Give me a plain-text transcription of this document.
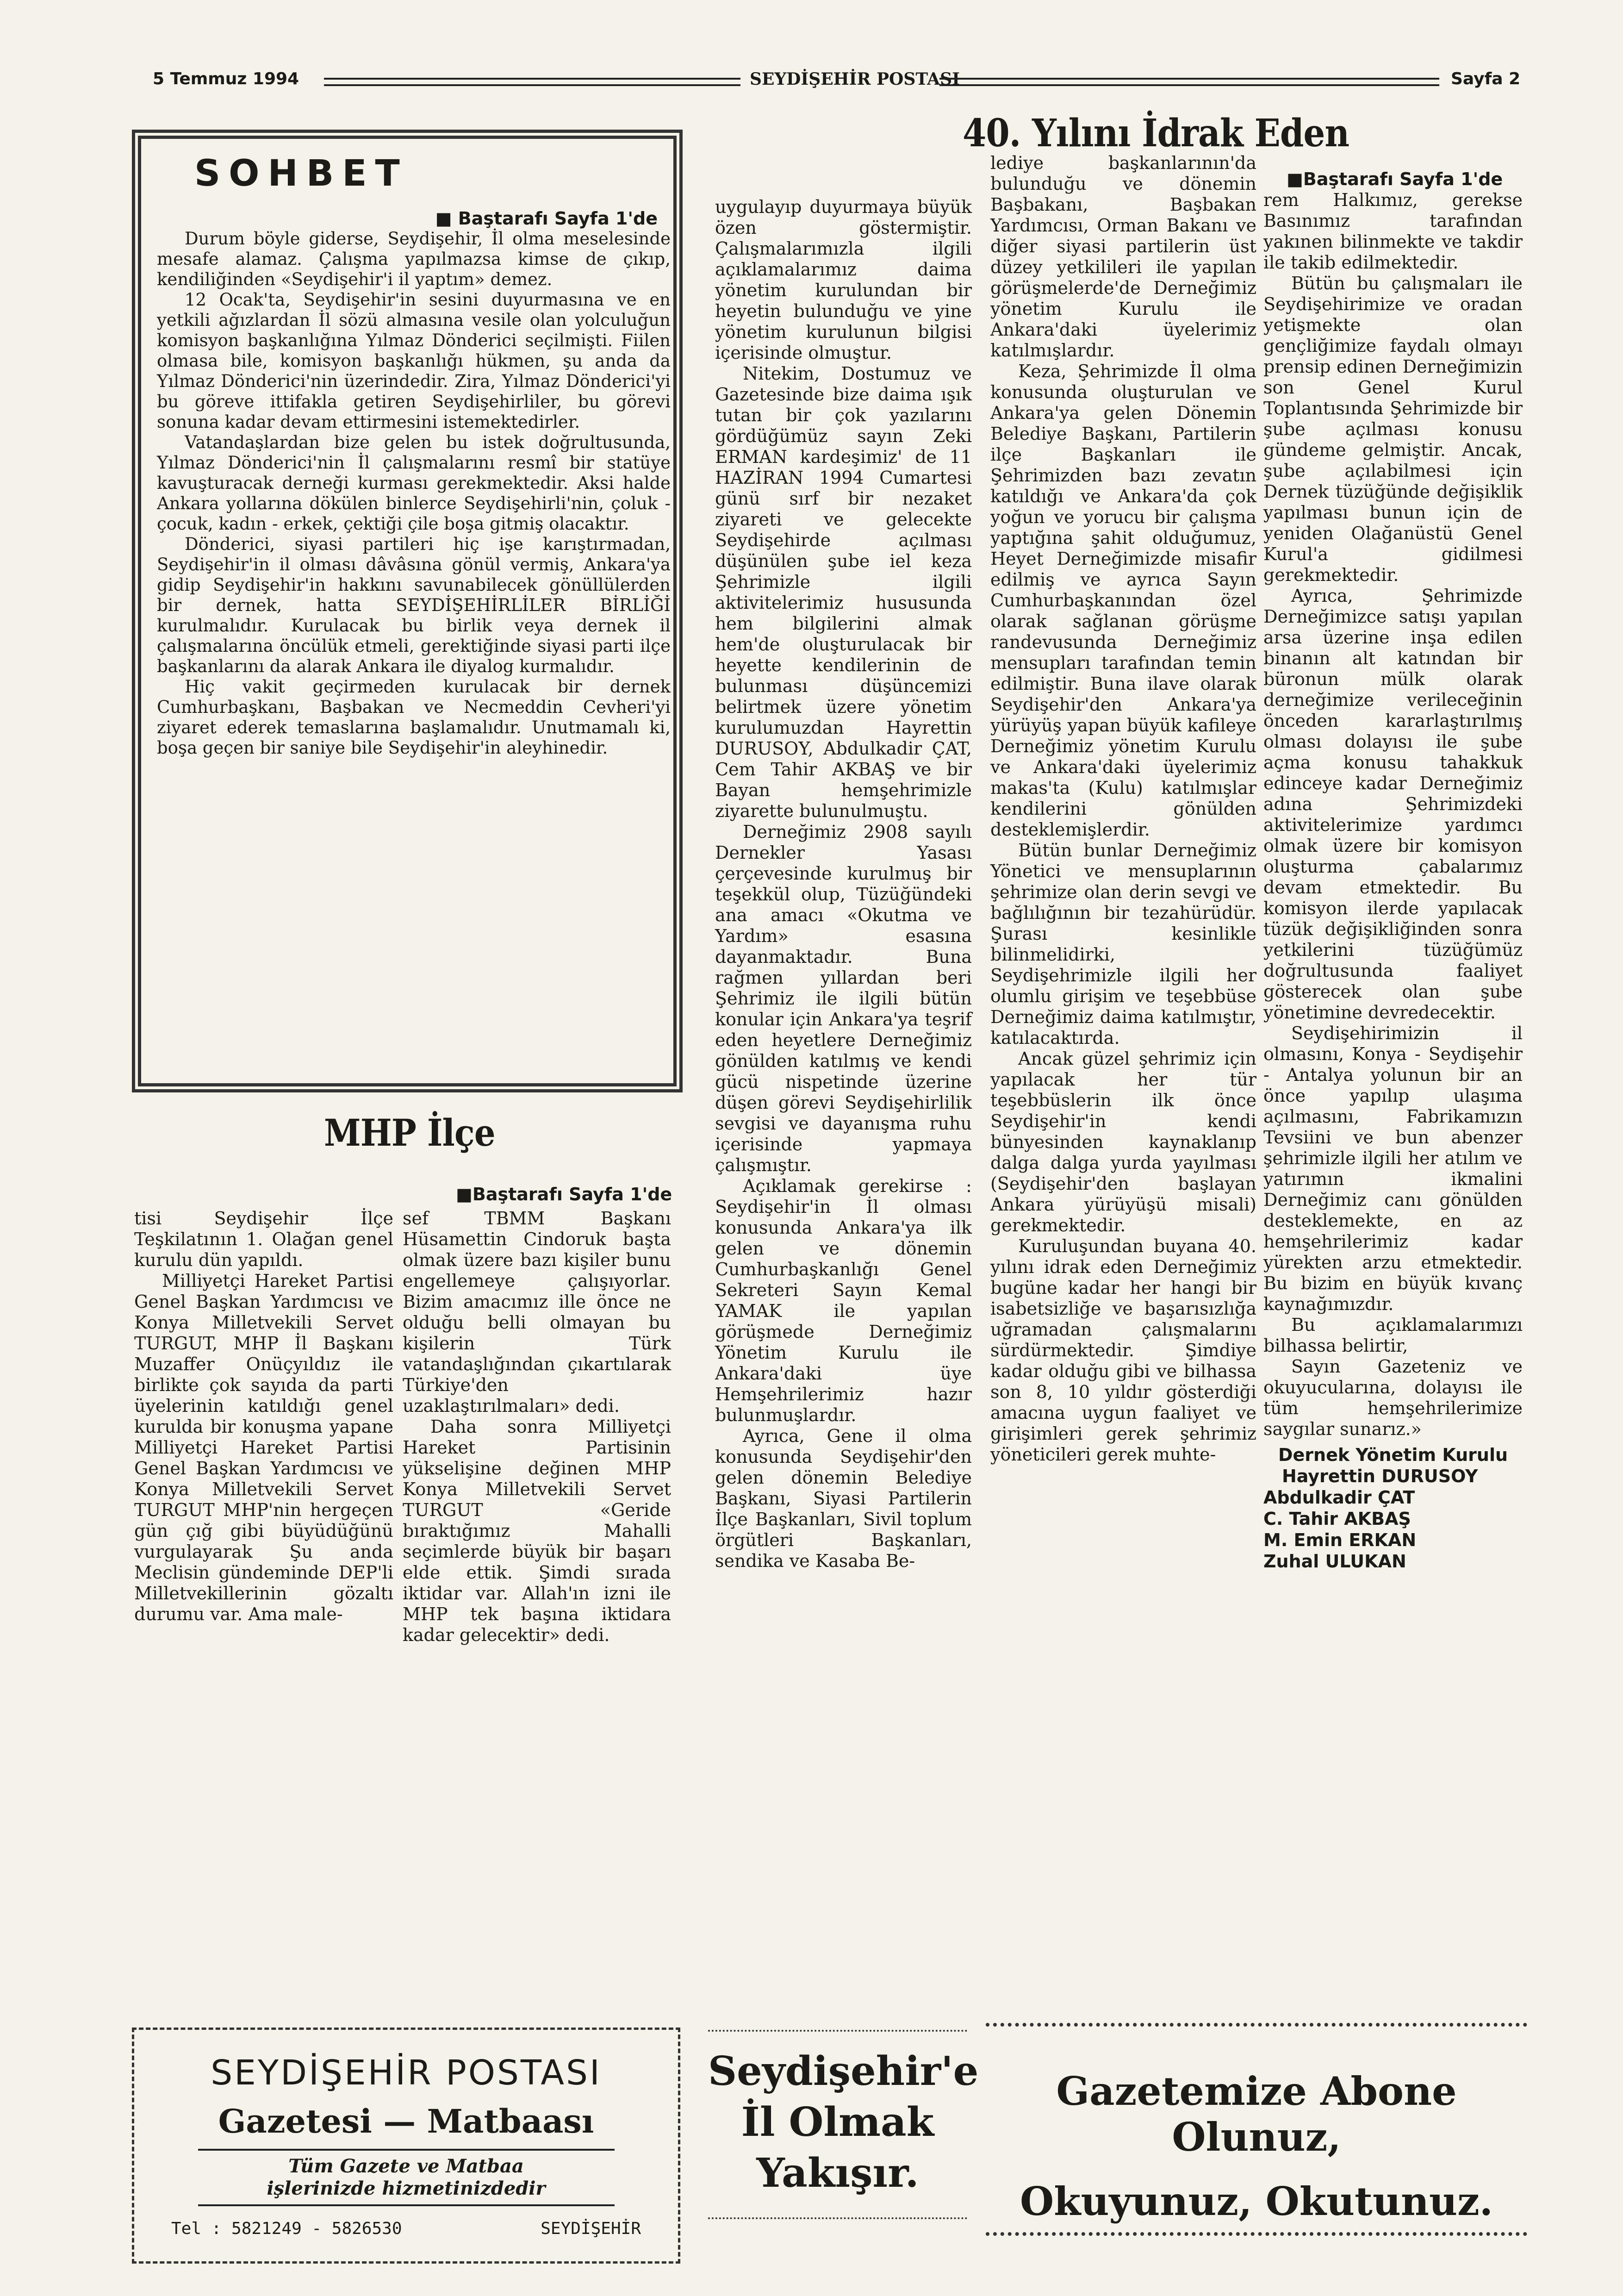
5 Temmuz 1994	SEYDİŞEHİR POSTASI	Sayfa 2
■ Baştarafı Sayfa 1'de

Durum böyle giderse, Seydişehir, İl olma meselesinde mesafe alamaz. Çalışma yapılmazsa kimse de çıkıp, kendiliğinden «Seydişehir'i il yaptım» demez.

12 Ocak'ta, Seydişehir'in sesini duyurmasına ve en yetkili ağızlardan İl sözü almasına vesile olan yolculuğun komisyon başkanlığına Yılmaz Dönderici seçilmişti. Fiilen olmasa bile, komisyon başkanlığı hükmen, şu anda da Yılmaz Dönderici'nin üzerindedir. Zira, Yılmaz Dönderici'yi bu göreve ittifakla getiren Seydişehirliler, bu görevi sonuna kadar devam ettirmesini istemektedirler.

Vatandaşlardan bize gelen bu istek doğrultusunda, Yılmaz Dönderici'nin İl çalışmalarını resmî bir statüye kavuşturacak derneği kurması gerekmektedir. Aksi halde Ankara yollarına dökülen binlerce Seydişehirli'nin, çoluk - çocuk, kadın - erkek, çektiği çile boşa gitmiş olacaktır.

Dönderici, siyasi partileri hiç işe karıştırmadan, Seydişehir'in il olması dâvâsına gönül vermiş, Ankara'ya gidip Seydişehir'in hakkını savunabilecek gönüllülerden bir dernek, hatta SEYDİŞEHİRLİLER BİRLİĞİ kurulmalıdır. Kurulacak bu birlik veya dernek il çalışmalarına öncülük etmeli, gerektiğinde siyasi parti ilçe başkanlarını da alarak Ankara ile diyalog kurmalıdır.

Hiç vakit geçirmeden kurulacak bir dernek Cumhurbaşkanı, Başbakan ve Necmeddin Cevheri'yi ziyaret ederek temaslarına başlamalıdır. Unutmamalı ki, boşa geçen bir saniye bile Seydişehir'in aleyhinedir.

SOHBET
MHP İlçe

tisi Seydişehir İlçe Teşkilatının 1. Olağan genel kurulu dün yapıldı.

Milliyetçi Hareket Partisi Genel Başkan Yardımcısı ve Konya Milletvekili Servet TURGUT, MHP İl Başkanı Muzaffer Onüçyıldız ile birlikte çok sayıda da parti üyelerinin katıldığı genel kurulda bir konuşma yapane Milliyetçi Hareket Partisi Genel Başkan Yardımcısı ve Konya Milletvekili Servet TURGUT MHP'nin hergeçen gün çığ gibi büyüdüğünü vurgulayarak Şu anda Meclisin gündeminde DEP'li Milletvekillerinin gözaltı durumu var. Ama male-

■Baştarafı Sayfa 1'de

sef TBMM Başkanı Hüsamettin Cindoruk başta olmak üzere bazı kişiler bunu engellemeye çalışıyorlar. Bizim amacımız ille önce ne olduğu belli olmayan bu kişilerin Türk vatandaşlığından çıkartılarak Türkiye'den uzaklaştırılmaları» dedi.

Daha sonra Milliyetçi Hareket Partisinin yükselişine değinen MHP Konya Milletvekili Servet TURGUT «Geride bıraktığımız Mahalli seçimlerde büyük bir başarı elde ettik. Şimdi sırada iktidar var. Allah'ın izni ile MHP tek başına iktidara kadar gelecektir» dedi.

40. Yılını İdrak Eden

uygulayıp duyurmaya büyük özen göstermiştir. Çalışmalarımızla ilgili açıklamalarımız daima yönetim kurulundan bir heyetin bulunduğu ve yine yönetim kurulunun bilgisi içerisinde olmuştur.

Nitekim, Dostumuz ve Gazetesinde bize daima ışık tutan bir çok yazılarını gördüğümüz sayın Zeki ERMAN kardeşimiz' de 11 HAZİRAN 1994 Cumartesi günü sırf bir nezaket ziyareti ve gelecekte Seydişehirde açılması düşünülen şube iel keza Şehrimizle ilgili aktivitelerimiz hususunda hem bilgilerini almak hem'de oluşturulacak bir heyette kendilerinin de bulunması düşüncemizi belirtmek üzere yönetim kurulumuzdan Hayrettin DURUSOY, Abdulkadir ÇAT, Cem Tahir AKBAŞ ve bir Bayan hemşehrimizle ziyarette bulunulmuştu.

Derneğimiz 2908 sayılı Dernekler Yasası çerçevesinde kurulmuş bir teşekkül olup, Tüzüğündeki ana amacı «Okutma ve Yardım» esasına dayanmaktadır. Buna rağmen yıllardan beri Şehrimiz ile ilgili bütün konular için Ankara'ya teşrif eden heyetlere Derneğimiz gönülden katılmış ve kendi gücü nispetinde üzerine düşen görevi Seydişehirlilik sevgisi ve dayanışma ruhu içerisinde yapmaya çalışmıştır.

Açıklamak gerekirse : Seydişehir'in İl olması konusunda Ankara'ya ilk gelen ve dönemin Cumhurbaşkanlığı Genel Sekreteri Sayın Kemal YAMAK ile yapılan görüşmede Derneğimiz Yönetim Kurulu ile Ankara'daki üye Hemşehrilerimiz hazır bulunmuşlardır.

Ayrıca, Gene il olma konusunda Seydişehir'den gelen dönemin Belediye Başkanı, Siyasi Partilerin İlçe Başkanları, Sivil toplum örgütleri Başkanları, sendika ve Kasaba Be-

lediye başkanlarının'da bulunduğu ve dönemin Başbakanı, Başbakan Yardımcısı, Orman Bakanı ve diğer siyasi partilerin üst düzey yetkilileri ile yapılan görüşmelerde'de Derneğimiz yönetim Kurulu ile Ankara'daki üyelerimiz katılmışlardır.

Keza, Şehrimizde İl olma konusunda oluşturulan ve Ankara'ya gelen Dönemin Belediye Başkanı, Partilerin ilçe Başkanları ile Şehrimizden bazı zevatın katıldığı ve Ankara'da çok yoğun ve yorucu bir çalışma yaptığına şahit olduğumuz, Heyet Derneğimizde misafir edilmiş ve ayrıca Sayın Cumhurbaşkanından özel olarak sağlanan görüşme randevusunda Derneğimiz mensupları tarafından temin edilmiştir. Buna ilave olarak Seydişehir'den Ankara'ya yürüyüş yapan büyük kafileye Derneğimiz yönetim Kurulu ve Ankara'daki üyelerimiz makas'ta (Kulu) katılmışlar kendilerini gönülden desteklemişlerdir.

Bütün bunlar Derneğimiz Yönetici ve mensuplarının şehrimize olan derin sevgi ve bağlılığının bir tezahürüdür. Şurası kesinlikle bilinmelidirki, Seydişehrimizle ilgili her olumlu girişim ve teşebbüse Derneğimiz daima katılmıştır, katılacaktırda.

Ancak güzel şehrimiz için yapılacak her tür teşebbüslerin ilk önce Seydişehir'in kendi bünyesinden kaynaklanıp dalga dalga yurda yayılması (Seydişehir'den başlayan Ankara yürüyüşü misali) gerekmektedir.

Kuruluşundan buyana 40. yılını idrak eden Derneğimiz bugüne kadar her hangi bir isabetsizliğe ve başarısızlığa uğramadan çalışmalarını sürdürmektedir. Şimdiye kadar olduğu gibi ve bilhassa son 8, 10 yıldır gösterdiği amacına uygun faaliyet ve girişimleri gerek şehrimiz yöneticileri gerek muhte-

■Baştarafı Sayfa 1'de

rem Halkımız, gerekse Basınımız tarafından yakınen bilinmekte ve takdir ile takib edilmektedir.

Bütün bu çalışmaları ile Seydişehirimize ve oradan yetişmekte olan gençliğimize faydalı olmayı prensip edinen Derneğimizin son Genel Kurul Toplantısında Şehrimizde bir şube açılması konusu gündeme gelmiştir. Ancak, şube açılabilmesi için Dernek tüzüğünde değişiklik yapılması bunun için de yeniden Olağanüstü Genel Kurul'a gidilmesi gerekmektedir.

Ayrıca, Şehrimizde Derneğimizce satışı yapılan arsa üzerine inşa edilen binanın alt katından bir büronun mülk olarak derneğimize verileceğinin önceden kararlaştırılmış olması dolayısı ile şube açma konusu tahakkuk edinceye kadar Derneğimiz adına Şehrimizdeki aktivitelerimize yardımcı olmak üzere bir komisyon oluşturma çabalarımız devam etmektedir. Bu komisyon ilerde yapılacak tüzük değişikliğinden sonra yetkilerini tüzüğümüz doğrultusunda faaliyet gösterecek olan şube yönetimine devredecektir.

Seydişehirimizin il olmasını, Konya - Seydişehir - Antalya yolunun bir an önce yapılıp ulaşıma açılmasını, Fabrikamızın Tevsiini ve bun abenzer şehrimizle ilgili her atılım ve yatırımın ikmalini Derneğimiz canı gönülden desteklemekte, en az hemşehrilerimiz kadar yürekten arzu etmektedir. Bu bizim en büyük kıvanç kaynağımızdır.

Bu açıklamalarımızı bilhassa belirtir,

Sayın Gazeteniz ve okuyucularına, dolayısı ile tüm hemşehrilerimize saygılar sunarız.»

Dernek Yönetim Kurulu
Hayrettin DURUSOY
Abdulkadir ÇAT
C. Tahir AKBAŞ
M. Emin ERKAN
Zuhal ULUKAN
SEYDİŞEHİR POSTASI
Gazetesi — Matbaası
Tüm Gazete ve Matbaa
işlerinizde hizmetinizdedir
Tel : 5821249 - 5826530	SEYDİŞEHİR
Seydişehir'e
İl Olmak
Yakışır.
Gazetemize Abone Olunuz,
Okuyunuz, Okutunuz.
